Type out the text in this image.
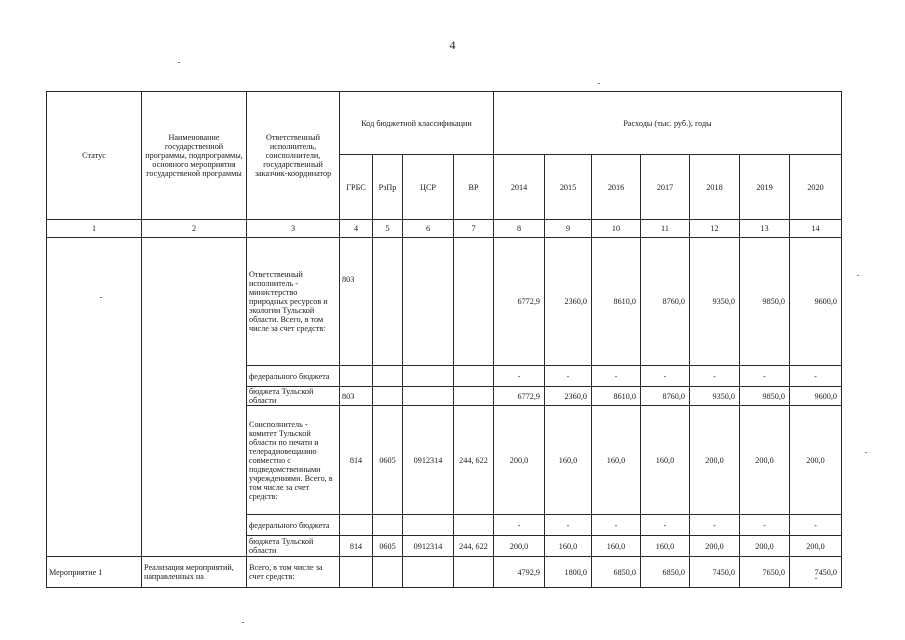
4
Статус	Наименование государственной программы, подпрограммы, основного мероприятия государственой программы	Ответственный исполнитель, соисполнители, государственный заказчик-координатор	Код бюджетной классификации				Расходы (тыс. руб.), годы						
			ГРБС	РзПр	ЦСР	ВР	2014	2015	2016	2017	2018	2019	2020
1	2	3	4	5	6	7	8	9	10	11	12	13	14
		Ответственный исполнитель - министерство природных ресурсов и экологии Тульской области. Всего, в том числе за счет средств:	803				6772,9	2360,0	8610,0	8760,0	9350,0	9850,0	9600,0
		федерального бюджета					-	-	-	-	-	-	-
		бюджета Тульской области	803				6772,9	2360,0	8610,0	8760,0	9350,0	9850,0	9600,0
		Соисполнитель - комитет Тульской области по печати и телерадиовещанию совместно с подведомственными учреждениями. Всего, в том числе за счет средств:	814	0605	0912314	244, 622	200,0	160,0	160,0	160,0	200,0	200,0	200,0
		федерального бюджета					-	-	-	-	-	-	-
		бюджета Тульской области	814	0605	0912314	244, 622	200,0	160,0	160,0	160,0	200,0	200,0	200,0
Мероприятие 1	Реализация мероприятий, направленных на	Всего, в том числе за счет средств:					4792,9	1800,0	6850,0	6850,0	7450,0	7650,0	7450,0
